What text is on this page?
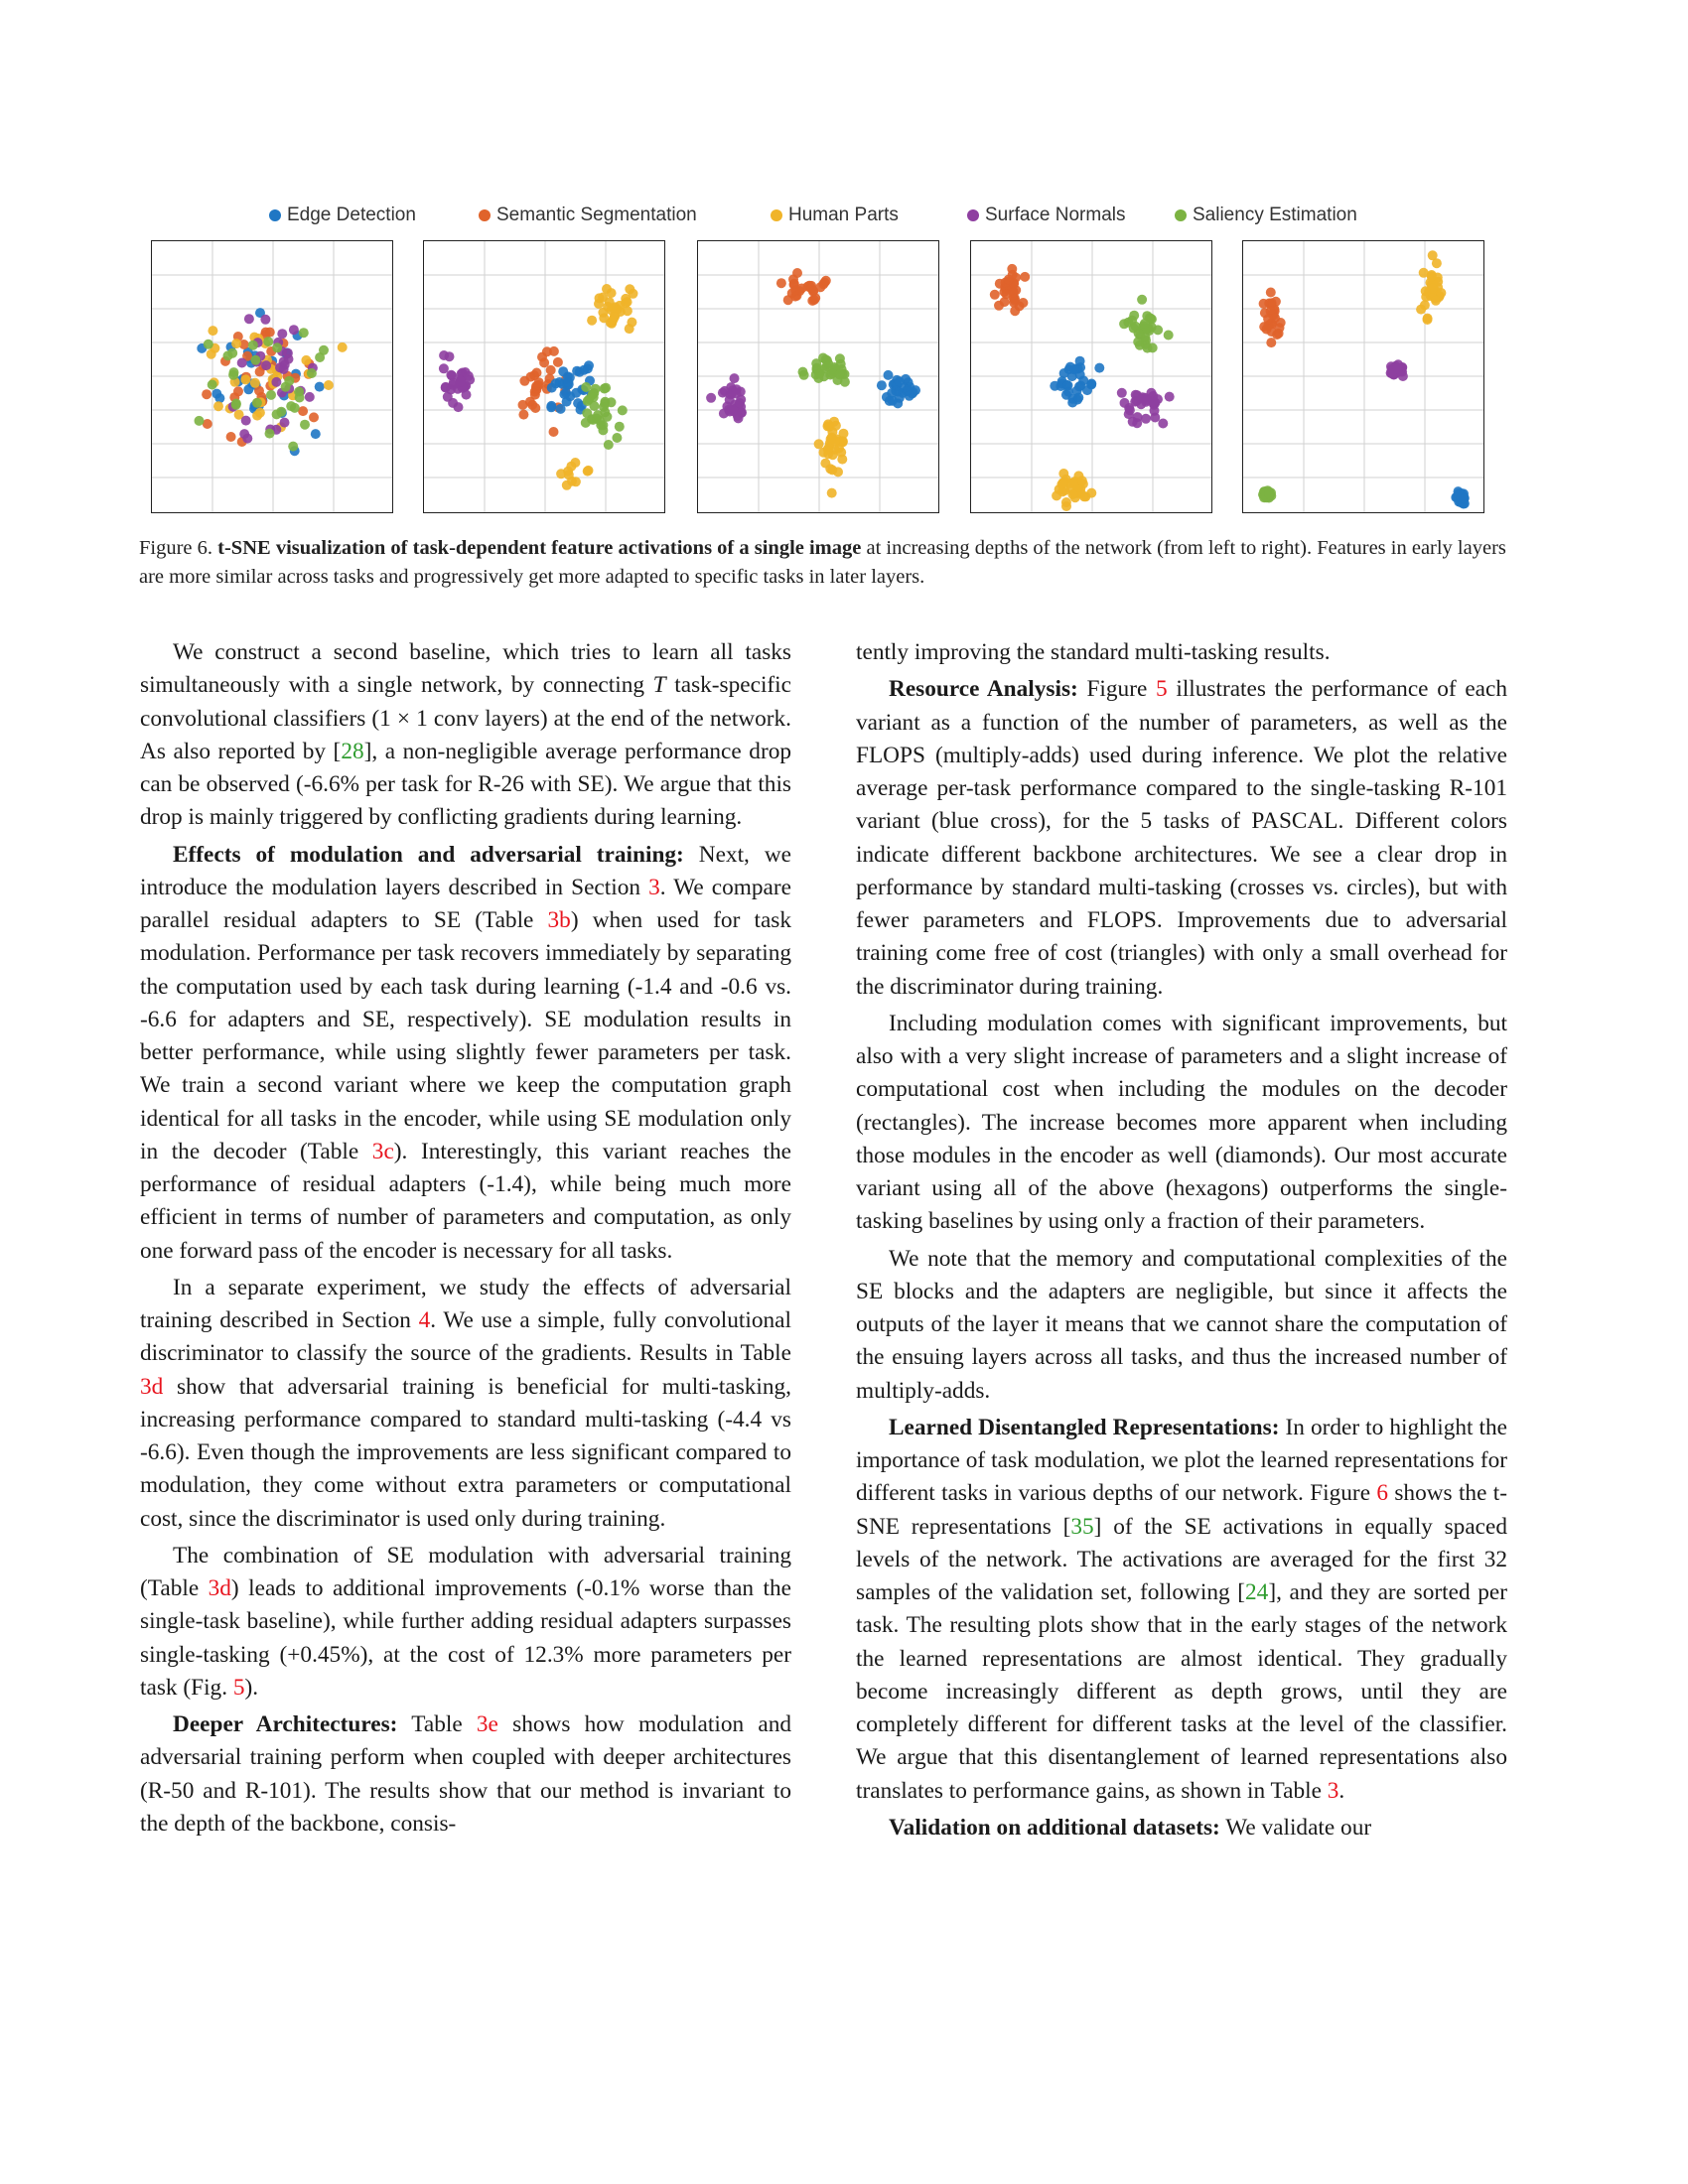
Edge Detection	Semantic Segmentation	Human Parts	Surface Normals	Saliency Estimation
Figure 6. t-SNE visualization of task-dependent feature activations of a single image at increasing depths of the network (from left to right). Features in early layers are more similar across tasks and progressively get more adapted to specific tasks in later layers.

We construct a second baseline, which tries to learn all tasks simultaneously with a single network, by connecting T task-specific convolutional classifiers (1 × 1 conv layers) at the end of the network. As also reported by [28], a non-negligible average performance drop can be observed (-6.6% per task for R-26 with SE). We argue that this drop is mainly triggered by conflicting gradients during learning.

Effects of modulation and adversarial training: Next, we introduce the modulation layers described in Section 3. We compare parallel residual adapters to SE (Table 3b) when used for task modulation. Performance per task recovers immediately by separating the computation used by each task during learning (-1.4 and -0.6 vs. -6.6 for adapters and SE, respectively). SE modulation results in better performance, while using slightly fewer parameters per task. We train a second variant where we keep the computation graph identical for all tasks in the encoder, while using SE modulation only in the decoder (Table 3c). Interestingly, this variant reaches the performance of residual adapters (-1.4), while being much more efficient in terms of number of parameters and computation, as only one forward pass of the encoder is necessary for all tasks.

In a separate experiment, we study the effects of adversarial training described in Section 4. We use a simple, fully convolutional discriminator to classify the source of the gradients. Results in Table 3d show that adversarial training is beneficial for multi-tasking, increasing performance compared to standard multi-tasking (-4.4 vs -6.6). Even though the improvements are less significant compared to modulation, they come without extra parameters or computational cost, since the discriminator is used only during training.

The combination of SE modulation with adversarial training (Table 3d) leads to additional improvements (-0.1% worse than the single-task baseline), while further adding residual adapters surpasses single-tasking (+0.45%), at the cost of 12.3% more parameters per task (Fig. 5).

Deeper Architectures: Table 3e shows how modulation and adversarial training perform when coupled with deeper architectures (R-50 and R-101). The results show that our method is invariant to the depth of the backbone, consis-

tently improving the standard multi-tasking results.

Resource Analysis: Figure 5 illustrates the performance of each variant as a function of the number of parameters, as well as the FLOPS (multiply-adds) used during inference. We plot the relative average per-task performance compared to the single-tasking R-101 variant (blue cross), for the 5 tasks of PASCAL. Different colors indicate different backbone architectures. We see a clear drop in performance by standard multi-tasking (crosses vs. circles), but with fewer parameters and FLOPS. Improvements due to adversarial training come free of cost (triangles) with only a small overhead for the discriminator during training.

Including modulation comes with significant improvements, but also with a very slight increase of parameters and a slight increase of computational cost when including the modules on the decoder (rectangles). The increase becomes more apparent when including those modules in the encoder as well (diamonds). Our most accurate variant using all of the above (hexagons) outperforms the single-tasking baselines by using only a fraction of their parameters.

We note that the memory and computational complexities of the SE blocks and the adapters are negligible, but since it affects the outputs of the layer it means that we cannot share the computation of the ensuing layers across all tasks, and thus the increased number of multiply-adds.

Learned Disentangled Representations: In order to highlight the importance of task modulation, we plot the learned representations for different tasks in various depths of our network. Figure 6 shows the t-SNE representations [35] of the SE activations in equally spaced levels of the network. The activations are averaged for the first 32 samples of the validation set, following [24], and they are sorted per task. The resulting plots show that in the early stages of the network the learned representations are almost identical. They gradually become increasingly different as depth grows, until they are completely different for different tasks at the level of the classifier. We argue that this disentanglement of learned representations also translates to performance gains, as shown in Table 3.

Validation on additional datasets: We validate our
